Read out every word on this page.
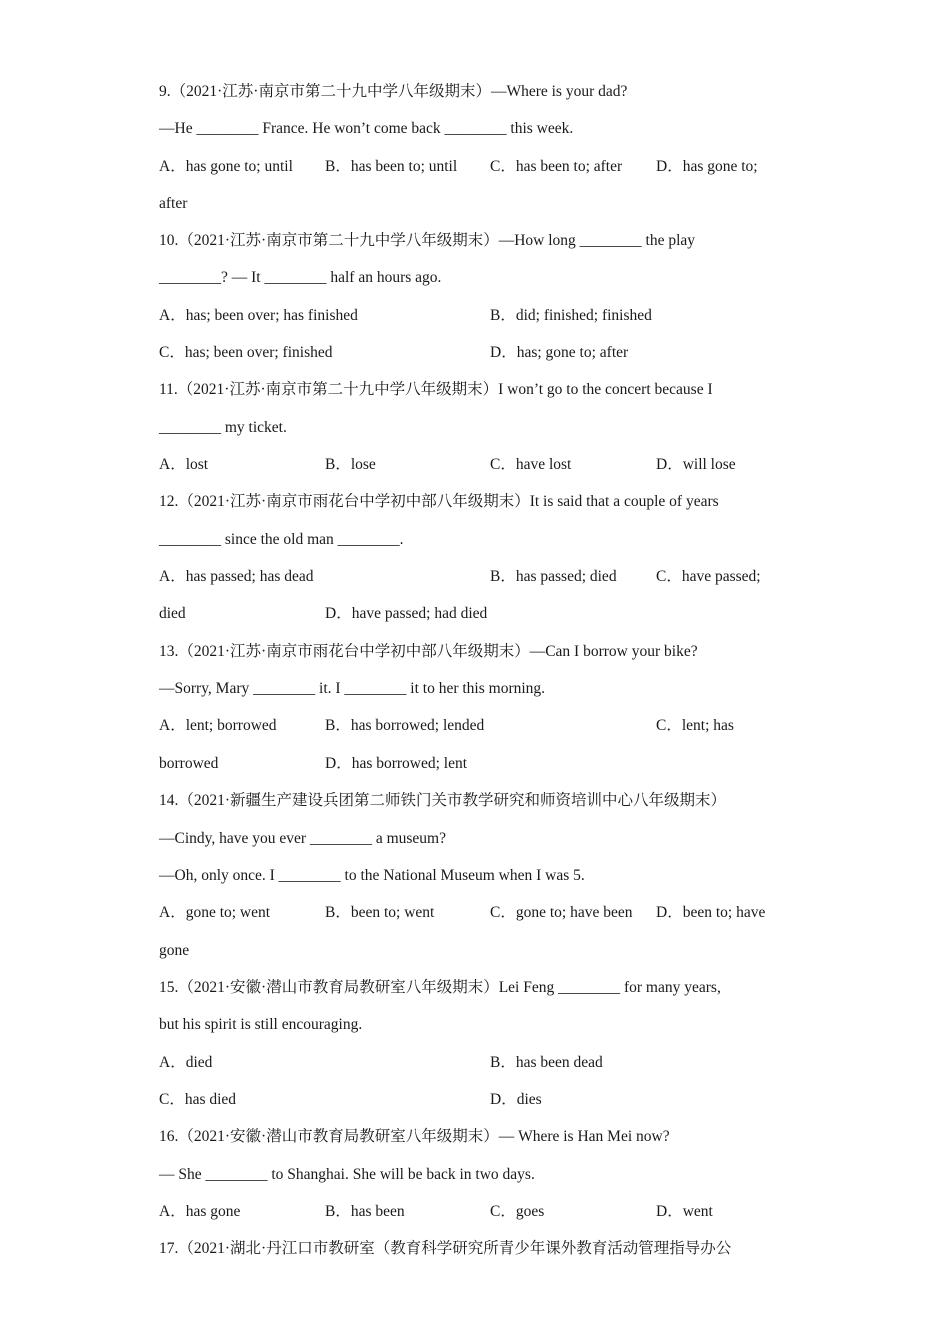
9.（2021·江苏·南京市第二十九中学八年级期末）—Where is your dad?
—He ________ France. He won’t come back ________ this week.
A．has gone to; until B．has been to; until C．has been to; after D．has gone to;
after
10.（2021·江苏·南京市第二十九中学八年级期末）—How long ________ the play
________? — It ________ half an hours ago.
A．has; been over; has finished	B．did; finished; finished
C．has; been over; finished	D．has; gone to; after
11.（2021·江苏·南京市第二十九中学八年级期末）I won’t go to the concert because I
________ my ticket.
A．lost	B．lose	C．have lost	D．will lose
12.（2021·江苏·南京市雨花台中学初中部八年级期末）It is said that a couple of years
________ since the old man ________.
A．has passed; has dead	B．has passed; died	C．have passed;
died	D．have passed; had died
13.（2021·江苏·南京市雨花台中学初中部八年级期末）—Can I borrow your bike?
—Sorry, Mary ________ it. I ________ it to her this morning.
A．lent; borrowed	B．has borrowed; lended	C．lent; has
borrowed	D．has borrowed; lent
14.（2021·新疆生产建设兵团第二师铁门关市教学研究和师资培训中心八年级期末）
—Cindy, have you ever ________ a museum?
—Oh, only once. I ________ to the National Museum when I was 5.
A．gone to; went	B．been to; went	C．gone to; have been D．been to; have
gone
15.（2021·安徽·潜山市教育局教研室八年级期末）Lei Feng ________ for many years,
but his spirit is still encouraging.
A．died	B．has been dead
C．has died	D．dies
16.（2021·安徽·潜山市教育局教研室八年级期末）— Where is Han Mei now?
— She ________ to Shanghai. She will be back in two days.
A．has gone	B．has been	C．goes	D．went
17.（2021·湖北·丹江口市教研室（教育科学研究所青少年课外教育活动管理指导办公
